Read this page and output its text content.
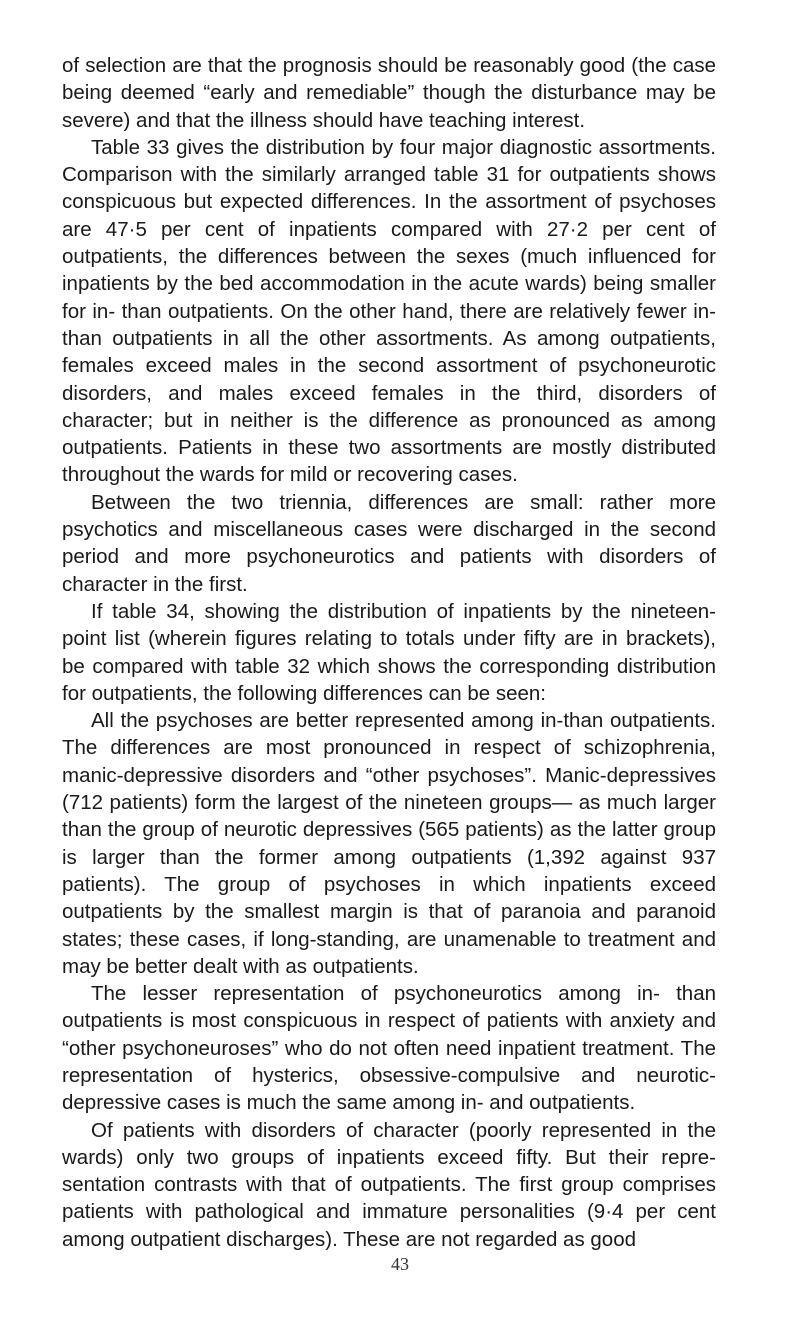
of selection are that the prognosis should be reasonably good (the case being deemed “early and remediable” though the disturbance may be severe) and that the illness should have teaching interest.

Table 33 gives the distribution by four major diagnostic assortments. Comparison with the similarly arranged table 31 for outpatients shows conspicuous but expected differences. In the assortment of psychoses are 47·5 per cent of inpatients compared with 27·2 per cent of outpatients, the differences between the sexes (much influenced for inpatients by the bed accommodation in the acute wards) being smaller for in- than outpatients. On the other hand, there are relatively fewer in- than outpatients in all the other assortments. As among outpatients, females exceed males in the second assortment of psychoneurotic disorders, and males exceed females in the third, disorders of character; but in neither is the difference as pronounced as among outpatients. Patients in these two assortments are mostly distributed throughout the wards for mild or recovering cases.

Between the two triennia, differences are small: rather more psychotics and miscellaneous cases were discharged in the second period and more psychoneurotics and patients with disorders of character in the first.

If table 34, showing the distribution of inpatients by the nineteen-point list (wherein figures relating to totals under fifty are in brackets), be compared with table 32 which shows the corresponding distribution for outpatients, the following differences can be seen:

All the psychoses are better represented among in-than outpatients. The differences are most pronounced in respect of schizophrenia, manic-depressive disorders and “other psychoses”. Manic-depressives (712 patients) form the largest of the nineteen groups— as much larger than the group of neurotic depressives (565 patients) as the latter group is larger than the former among outpatients (1,392 against 937 patients). The group of psychoses in which inpatients exceed outpatients by the smallest margin is that of paranoia and paranoid states; these cases, if long-standing, are unamenable to treatment and may be better dealt with as outpatients.

The lesser representation of psychoneurotics among in- than outpatients is most conspicuous in respect of patients with anxiety and “other psychoneuroses” who do not often need inpatient treatment. The representation of hysterics, obsessive-compulsive and neurotic-depressive cases is much the same among in- and outpatients.

Of patients with disorders of character (poorly represented in the wards) only two groups of inpatients exceed fifty. But their representation contrasts with that of outpatients. The first group comprises patients with pathological and immature personalities (9·4 per cent among outpatient discharges). These are not regarded as good

43
